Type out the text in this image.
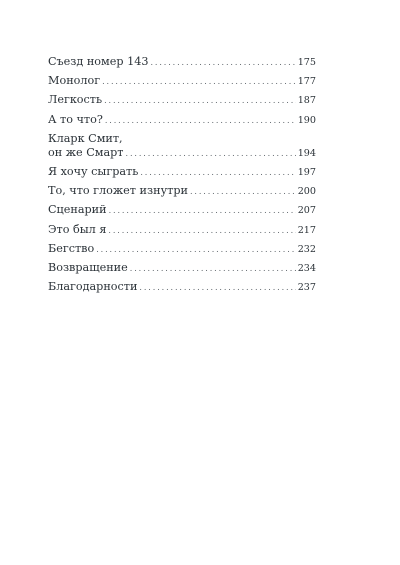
Съезд номер 143 .....	175
Монолог .....	177
Легкость .....	187
А то что? .....	190
Кларк Смит,
он же Смарт .....	194
Я хочу сыграть .....	197
То, что гложет изнутри .....	200
Сценарий .....	207
Это был я .....	217
Бегство .....	232
Возвращение .....	234
Благодарности .....	237
